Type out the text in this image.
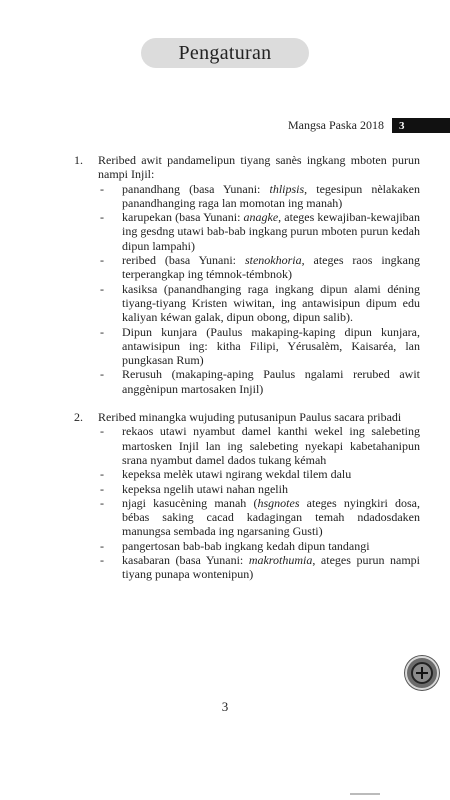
Pengaturan
Mangsa Paska 2018	3
1. Reribed awit pandamelipun tiyang sanès ingkang mboten purun nampi Injil:
- panandhang (basa Yunani: thlipsis, tegesipun nèlakaken panandhanging raga lan momotan ing manah)
- karupekan (basa Yunani: anagke, ateges kewajiban-kewajiban ing gesdng utawi bab-bab ingkang purun mboten purun kedah dipun lampahi)
- reribed (basa Yunani: stenokhoria, ateges raos ingkang terperangkap ing témnok-témbnok)
- kasiksa (panandhanging raga ingkang dipun alami déning tiyang-tiyang Kristen wiwitan, ing antawisipun dipum edu kaliyan kéwan galak, dipun obong, dipun salib).
- Dipun kunjara (Paulus makaping-kaping dipun kunjara, antawisipun ing: kitha Filipi, Yérusalèm, Kaisaréa, lan pungkasan Rum)
- Rerusuh (makaping-aping Paulus ngalami rerubed awit anggènipun martosaken Injil)
2. Reribed minangka wujuding putusanipun Paulus sacara pribadi
- rekaos utawi nyambut damel kanthi wekel ing salebeting martosken Injil lan ing salebeting nyekapi kabetahanipun srana nyambut damel dados tukang kémah
- kepeksa melèk utawi ngirang wekdal tilem dalu
- kepeksa ngelih utawi nahan ngelih
- njagi kasucèning manah (hsgnotes ateges nyingkiri dosa, bébas saking cacad kadagingan temah ndadosdaken manungsa sembada ing ngarsaning Gusti)
- pangertosan bab-bab ingkang kedah dipun tandangi
- kasabaran (basa Yunani: makrothumia, ateges purun nampi tiyang punapa wontenipun)
3
